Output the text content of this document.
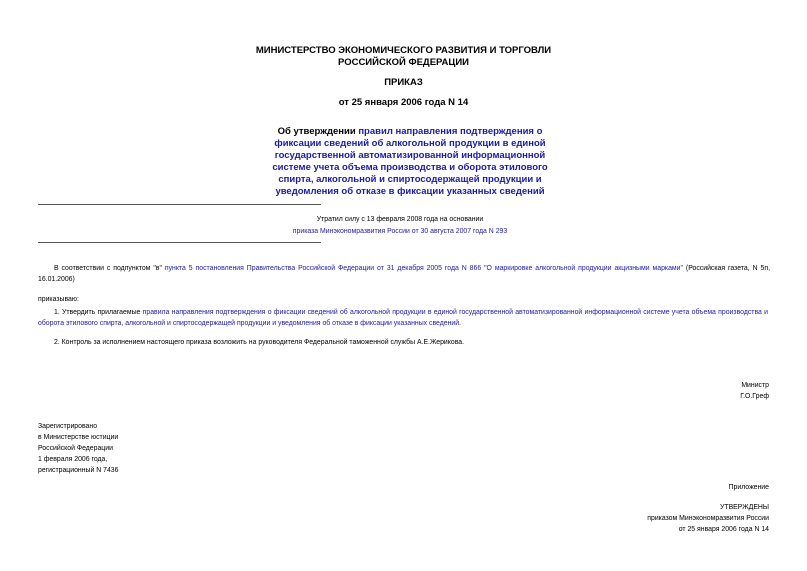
МИНИСТЕРСТВО ЭКОНОМИЧЕСКОГО РАЗВИТИЯ И ТОРГОВЛИ
РОССИЙСКОЙ ФЕДЕРАЦИИ
ПРИКАЗ
от 25 января 2006 года N 14
Об утверждении правил направления подтверждения о фиксации сведений об алкогольной продукции в единой государственной автоматизированной информационной системе учета объема производства и оборота этилового спирта, алкогольной и спиртосодержащей продукции и уведомления об отказе в фиксации указанных сведений
Утратил силу с 13 февраля 2008 года на основании
приказа Минэкономразвития России от 30 августа 2007 года N 293
В соответствии с подпунктом "в" пункта 5 постановления Правительства Российской Федерации от 31 декабря 2005 года N 866 "О маркировке алкогольной продукции акцизными марками" (Российская газета, N 5п, 16.01.2006)
приказываю:
1. Утвердить прилагаемые правила направления подтверждения о фиксации сведений об алкогольной продукции в единой государственной автоматизированной информационной системе учета объема производства и оборота этилового спирта, алкогольной и спиртосодержащей продукции и уведомления об отказе в фиксации указанных сведений.
2. Контроль за исполнением настоящего приказа возложить на руководителя Федеральной таможенной службы А.Е.Жерикова.
Министр
Г.О.Греф
Зарегистрировано
в Министерстве юстиции
Российской Федерации
1 февраля 2006 года,
регистрационный N 7436
Приложение
УТВЕРЖДЕНЫ
приказом Минэкономразвития России
от 25 января 2006 года N 14
